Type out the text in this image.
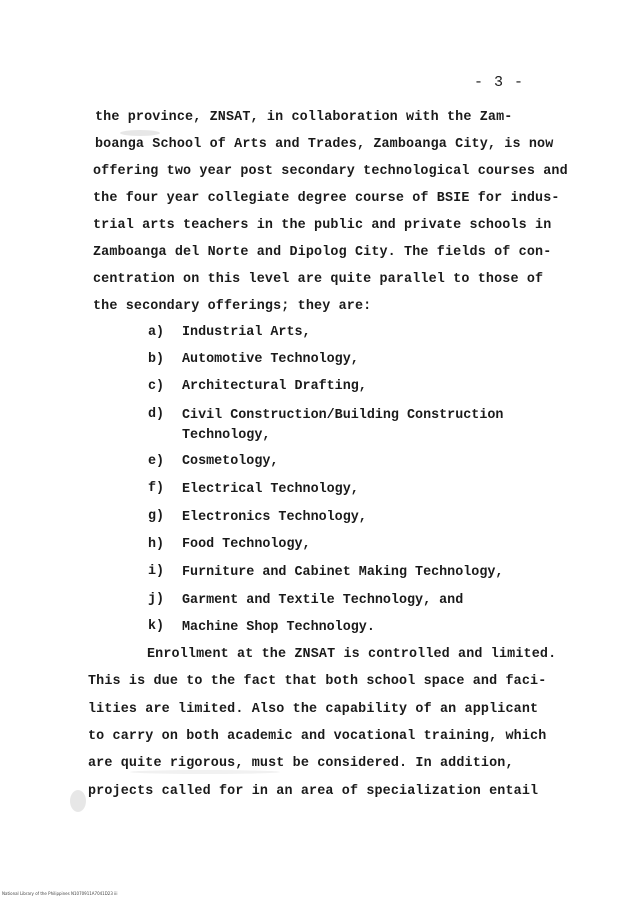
- 3 -
the province, ZNSAT, in collaboration with the Zam-
boanga School of Arts and Trades, Zamboanga City, is now
offering two year post secondary technological courses and
the four year collegiate degree course of BSIE for indus-
trial arts teachers in the public and private schools in
Zamboanga del Norte and Dipolog City. The fields of con-
centration on this level are quite parallel to those of
the secondary offerings; they are:
a) Industrial Arts,
b) Automotive Technology,
c) Architectural Drafting,
d) Civil Construction/Building Construction
Technology,
e) Cosmetology,
f) Electrical Technology,
g) Electronics Technology,
h) Food Technology,
i) Furniture and Cabinet Making Technology,
j) Garment and Textile Technology, and
k) Machine Shop Technology.
Enrollment at the ZNSAT is controlled and limited.
This is due to the fact that both school space and faci-
lities are limited. Also the capability of an applicant
to carry on both academic and vocational training, which
are quite rigorous, must be considered. In addition,
projects called for in an area of specialization entail
National Library of the Philippines N1070911A7041D23 iii
